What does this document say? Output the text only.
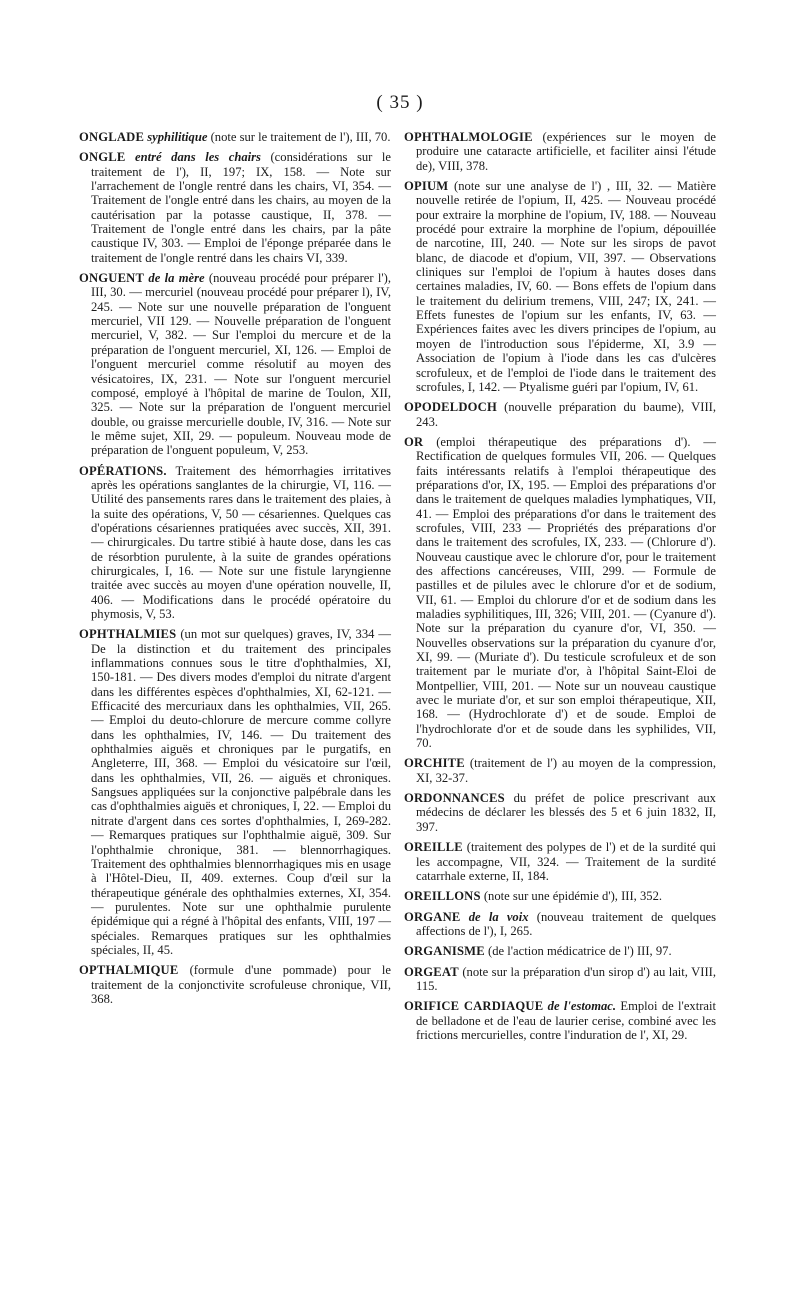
( 35 )

ONGLADE syphilitique (note sur le traitement de l'), III, 70.

ONGLE entré dans les chairs (considérations sur le traitement de l'), II, 197; IX, 158. — Note sur l'arrachement de l'ongle rentré dans les chairs, VI, 354. — Traitement de l'ongle entré dans les chairs, au moyen de la cautérisation par la potasse caustique, II, 378. — Traitement de l'ongle entré dans les chairs, par la pâte caustique IV, 303. — Emploi de l'éponge préparée dans le traitement de l'ongle rentré dans les chairs VI, 339.

ONGUENT de la mère (nouveau procédé pour préparer l'), III, 30. — mercuriel (nouveau procédé pour préparer l), IV, 245. — Note sur une nouvelle préparation de l'onguent mercuriel, VII 129. — Nouvelle préparation de l'onguent mercuriel, V, 382. — Sur l'emploi du mercure et de la préparation de l'onguent mercuriel, XI, 126. — Emploi de l'onguent mercuriel comme résolutif au moyen des vésicatoires, IX, 231. — Note sur l'onguent mercuriel composé, employé à l'hôpital de marine de Toulon, XII, 325. — Note sur la préparation de l'onguent mercuriel double, ou graisse mercurielle double, IV, 316. — Note sur le même sujet, XII, 29. — populeum. Nouveau mode de préparation de l'onguent populeum, V, 253.

OPÉRATIONS. Traitement des hémorrhagies irritatives après les opérations sanglantes de la chirurgie, VI, 116. — Utilité des pansements rares dans le traitement des plaies, à la suite des opérations, V, 50 — césariennes. Quelques cas d'opérations césariennes pratiquées avec succès, XII, 391. — chirurgicales. Du tartre stibié à haute dose, dans les cas de résorbtion purulente, à la suite de grandes opérations chirurgicales, I, 16. — Note sur une fistule laryngienne traitée avec succès au moyen d'une opération nouvelle, II, 406. — Modifications dans le procédé opératoire du phymosis, V, 53.

OPHTHALMIES (un mot sur quelques) graves, IV, 334 — De la distinction et du traitement des principales inflammations connues sous le titre d'ophthalmies, XI, 150-181. — Des divers modes d'emploi du nitrate d'argent dans les différentes espèces d'ophthalmies, XI, 62-121. — Efficacité des mercuriaux dans les ophthalmies, VII, 265. — Emploi du deuto-chlorure de mercure comme collyre dans les ophthalmies, IV, 146. — Du traitement des ophthalmies aiguës et chroniques par le purgatifs, en Angleterre, III, 368. — Emploi du vésicatoire sur l'œil, dans les ophthalmies, VII, 26. — aiguës et chroniques. Sangsues appliquées sur la conjonctive palpébrale dans les cas d'ophthalmies aiguës et chroniques, I, 22. — Emploi du nitrate d'argent dans ces sortes d'ophthalmies, I, 269-282. — Remarques pratiques sur l'ophthalmie aiguë, 309. Sur l'ophthalmie chronique, 381. — blennorrhagiques. Traitement des ophthalmies blennorrhagiques mis en usage à l'Hôtel-Dieu, II, 409. externes. Coup d'œil sur la thérapeutique générale des ophthalmies externes, XI, 354. — purulentes. Note sur une ophthalmie purulente épidémique qui a régné à l'hôpital des enfants, VIII, 197 — spéciales. Remarques pratiques sur les ophthalmies spéciales, II, 45.

OPTHALMIQUE (formule d'une pommade) pour le traitement de la conjonctivite scrofuleuse chronique, VII, 368.

OPHTHALMOLOGIE (expériences sur le moyen de produire une cataracte artificielle, et faciliter ainsi l'étude de), VIII, 378.

OPIUM (note sur une analyse de l') , III, 32. — Matière nouvelle retirée de l'opium, II, 425. — Nouveau procédé pour extraire la morphine de l'opium, IV, 188. — Nouveau procédé pour extraire la morphine de l'opium, dépouillée de narcotine, III, 240. — Note sur les sirops de pavot blanc, de diacode et d'opium, VII, 397. — Observations cliniques sur l'emploi de l'opium à hautes doses dans certaines maladies, IV, 60. — Bons effets de l'opium dans le traitement du delirium tremens, VIII, 247; IX, 241. — Effets funestes de l'opium sur les enfants, IV, 63. — Expériences faites avec les divers principes de l'opium, au moyen de l'introduction sous l'épiderme, XI, 3.9 — Association de l'opium à l'iode dans les cas d'ulcères scrofuleux, et de l'emploi de l'iode dans le traitement des scrofules, I, 142. — Ptyalisme guéri par l'opium, IV, 61.

OPODELDOCH (nouvelle préparation du baume), VIII, 243.

OR (emploi thérapeutique des préparations d'). — Rectification de quelques formules VII, 206. — Quelques faits intéressants relatifs à l'emploi thérapeutique des préparations d'or, IX, 195. — Emploi des préparations d'or dans le traitement de quelques maladies lymphatiques, VII, 41. — Emploi des préparations d'or dans le traitement des scrofules, VIII, 233 — Propriétés des préparations d'or dans le traitement des scrofules, IX, 233. — (Chlorure d'). Nouveau caustique avec le chlorure d'or, pour le traitement des affections cancéreuses, VIII, 299. — Formule de pastilles et de pilules avec le chlorure d'or et de sodium, VII, 61. — Emploi du chlorure d'or et de sodium dans les maladies syphilitiques, III, 326; VIII, 201. — (Cyanure d'). Note sur la préparation du cyanure d'or, VI, 350. — Nouvelles observations sur la préparation du cyanure d'or, XI, 99. — (Muriate d'). Du testicule scrofuleux et de son traitement par le muriate d'or, à l'hôpital Saint-Eloi de Montpellier, VIII, 201. — Note sur un nouveau caustique avec le muriate d'or, et sur son emploi thérapeutique, XII, 168. — (Hydrochlorate d') et de soude. Emploi de l'hydrochlorate d'or et de soude dans les syphilides, VII, 70.

ORCHITE (traitement de l') au moyen de la compression, XI, 32-37.

ORDONNANCES du préfet de police prescrivant aux médecins de déclarer les blessés des 5 et 6 juin 1832, II, 397.

OREILLE (traitement des polypes de l') et de la surdité qui les accompagne, VII, 324. — Traitement de la surdité catarrhale externe, II, 184.

OREILLONS (note sur une épidémie d'), III, 352.

ORGANE de la voix (nouveau traitement de quelques affections de l'), I, 265.

ORGANISME (de l'action médicatrice de l') III, 97.

ORGEAT (note sur la préparation d'un sirop d') au lait, VIII, 115.

ORIFICE CARDIAQUE de l'estomac. Emploi de l'extrait de belladone et de l'eau de laurier cerise, combiné avec les frictions mercurielles, contre l'induration de l', XI, 29.
